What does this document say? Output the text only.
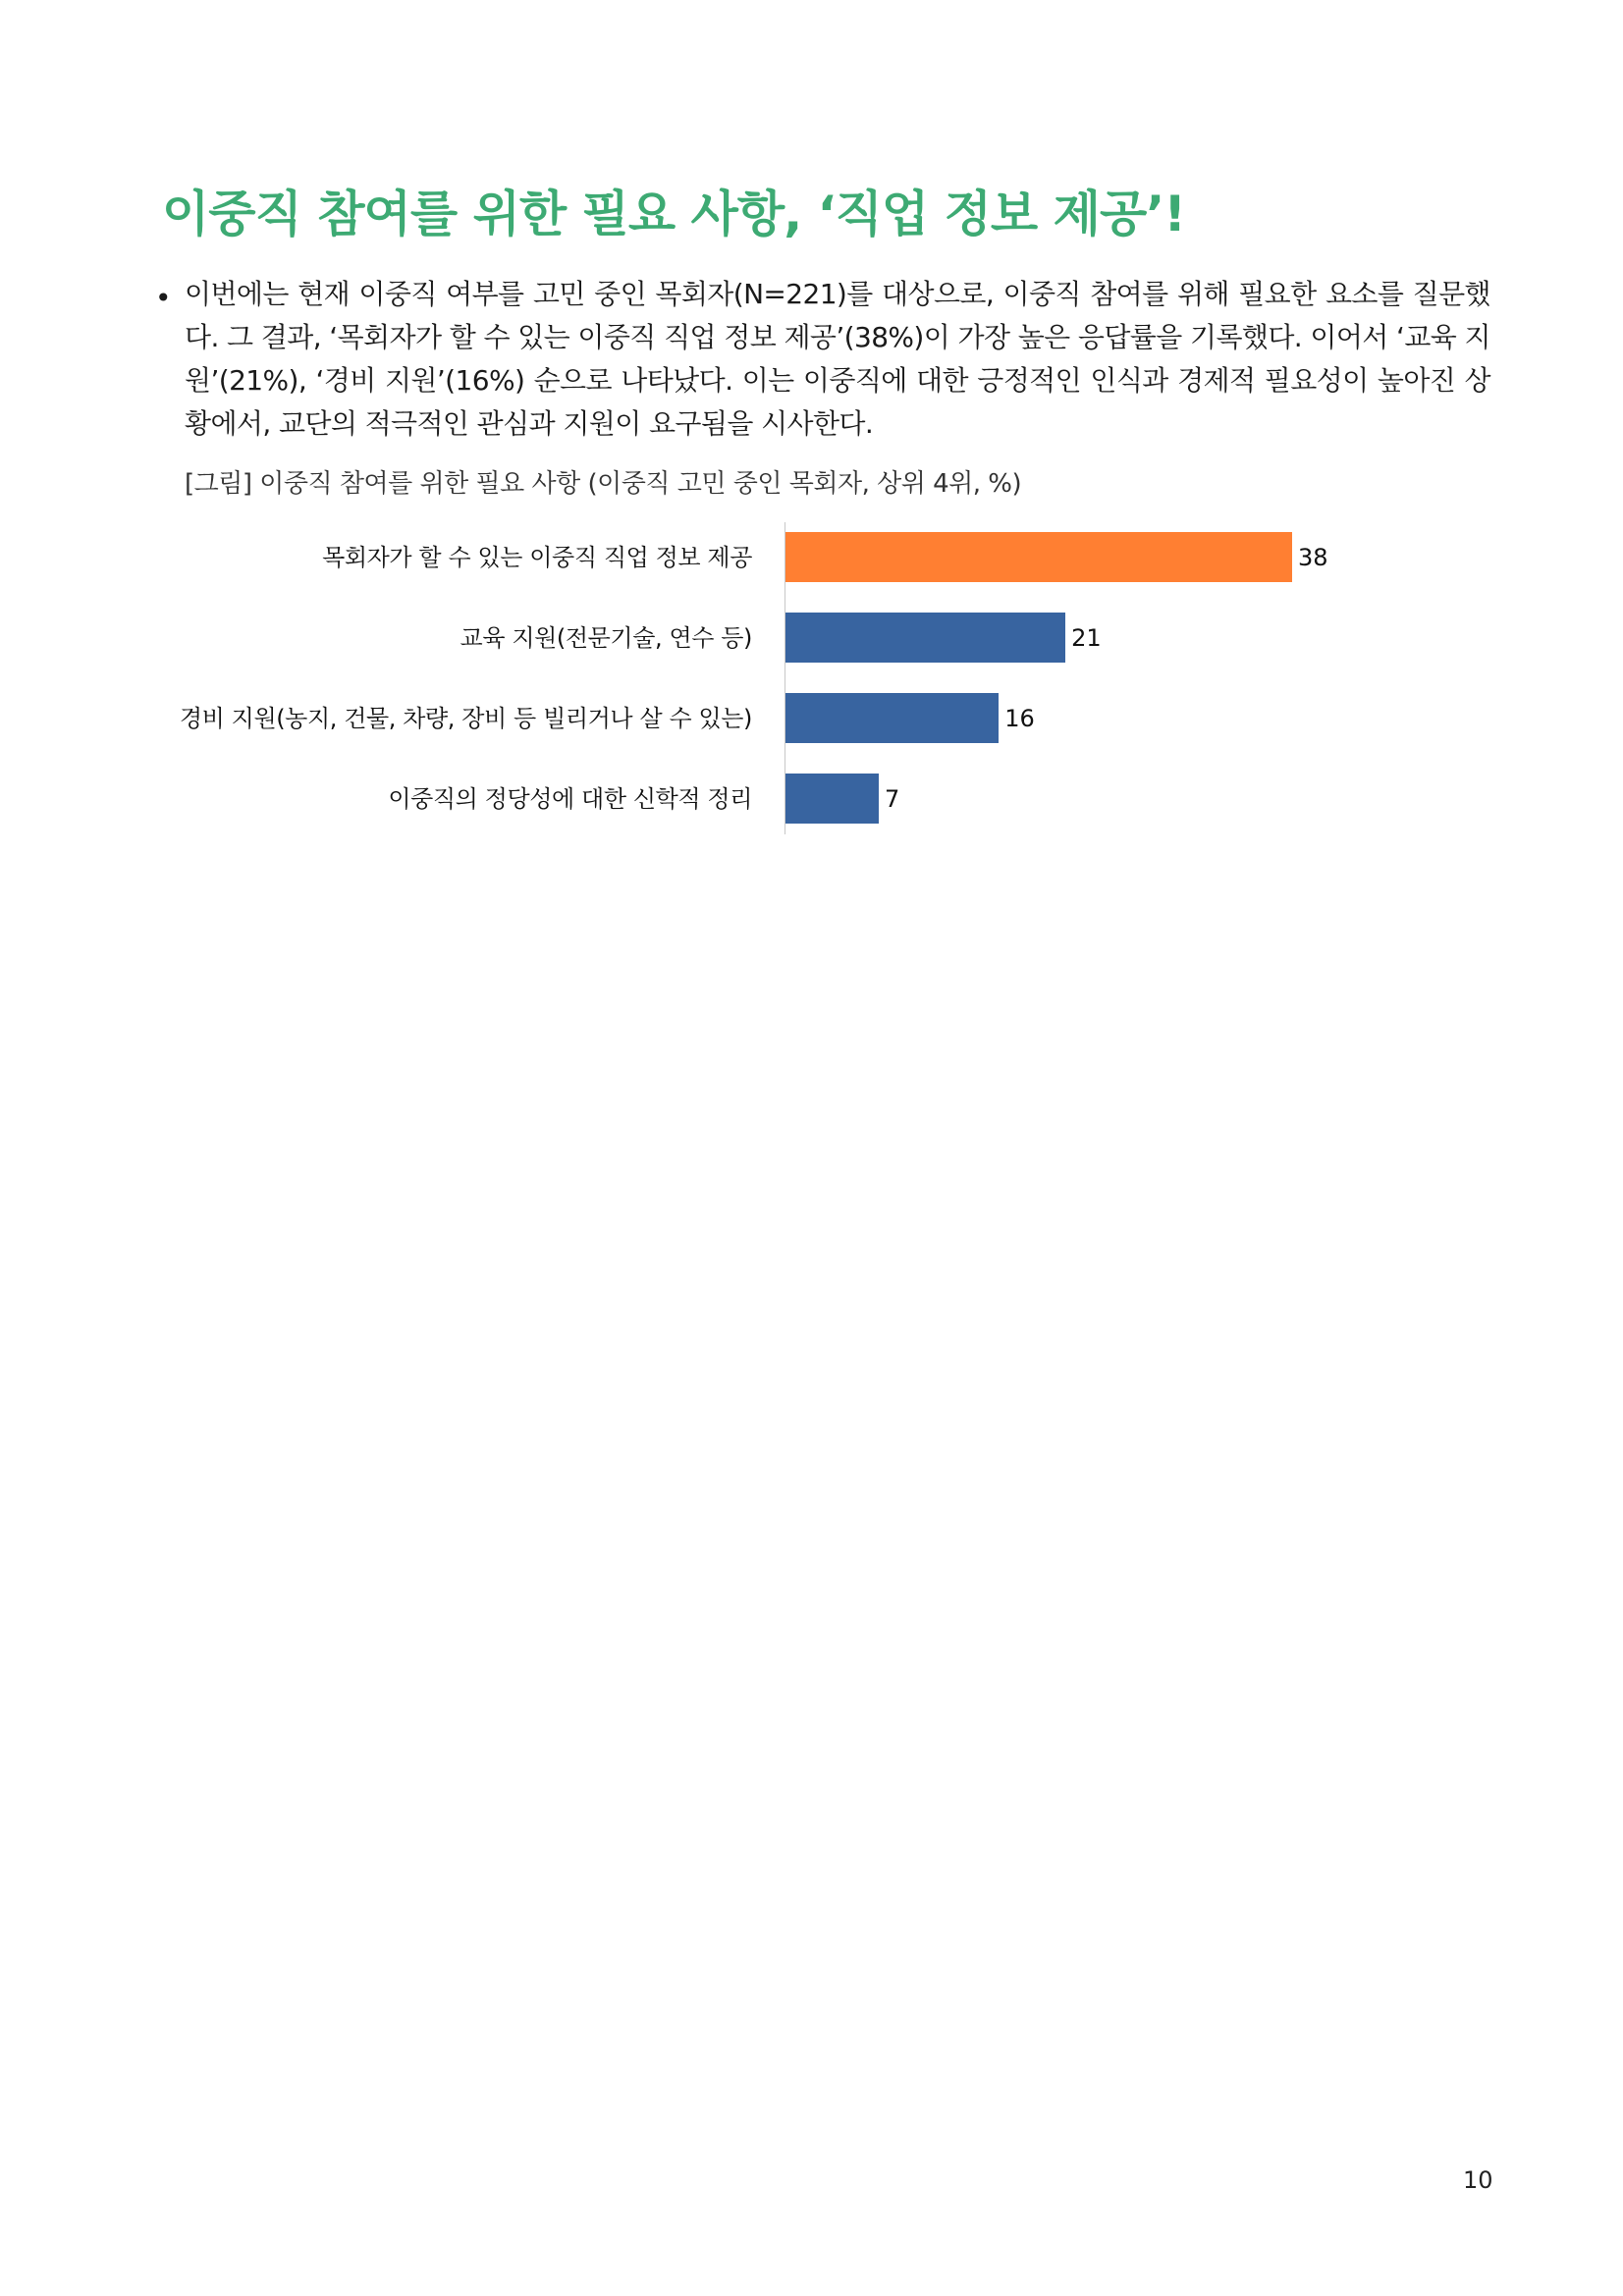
이중직 참여를 위한 필요 사항, ‘직업 정보 제공’!
• 이번에는 현재 이중직 여부를 고민 중인 목회자(N=221)를 대상으로, 이중직 참여를 위해 필요한 요소를 질문했다. 그 결과, ‘목회자가 할 수 있는 이중직 직업 정보 제공’(38%)이 가장 높은 응답률을 기록했다. 이어서 ‘교육 지원’(21%), ‘경비 지원’(16%) 순으로 나타났다. 이는 이중직에 대한 긍정적인 인식과 경제적 필요성이 높아진 상황에서, 교단의 적극적인 관심과 지원이 요구됨을 시사한다.
[그림] 이중직 참여를 위한 필요 사항 (이중직 고민 중인 목회자, 상위 4위, %)
목회자가 할 수 있는 이중직 직업 정보 제공	38
교육 지원(전문기술, 연수 등)	21
경비 지원(농지, 건물, 차량, 장비 등 빌리거나 살 수 있는)	16
이중직의 정당성에 대한 신학적 정리	7
10
